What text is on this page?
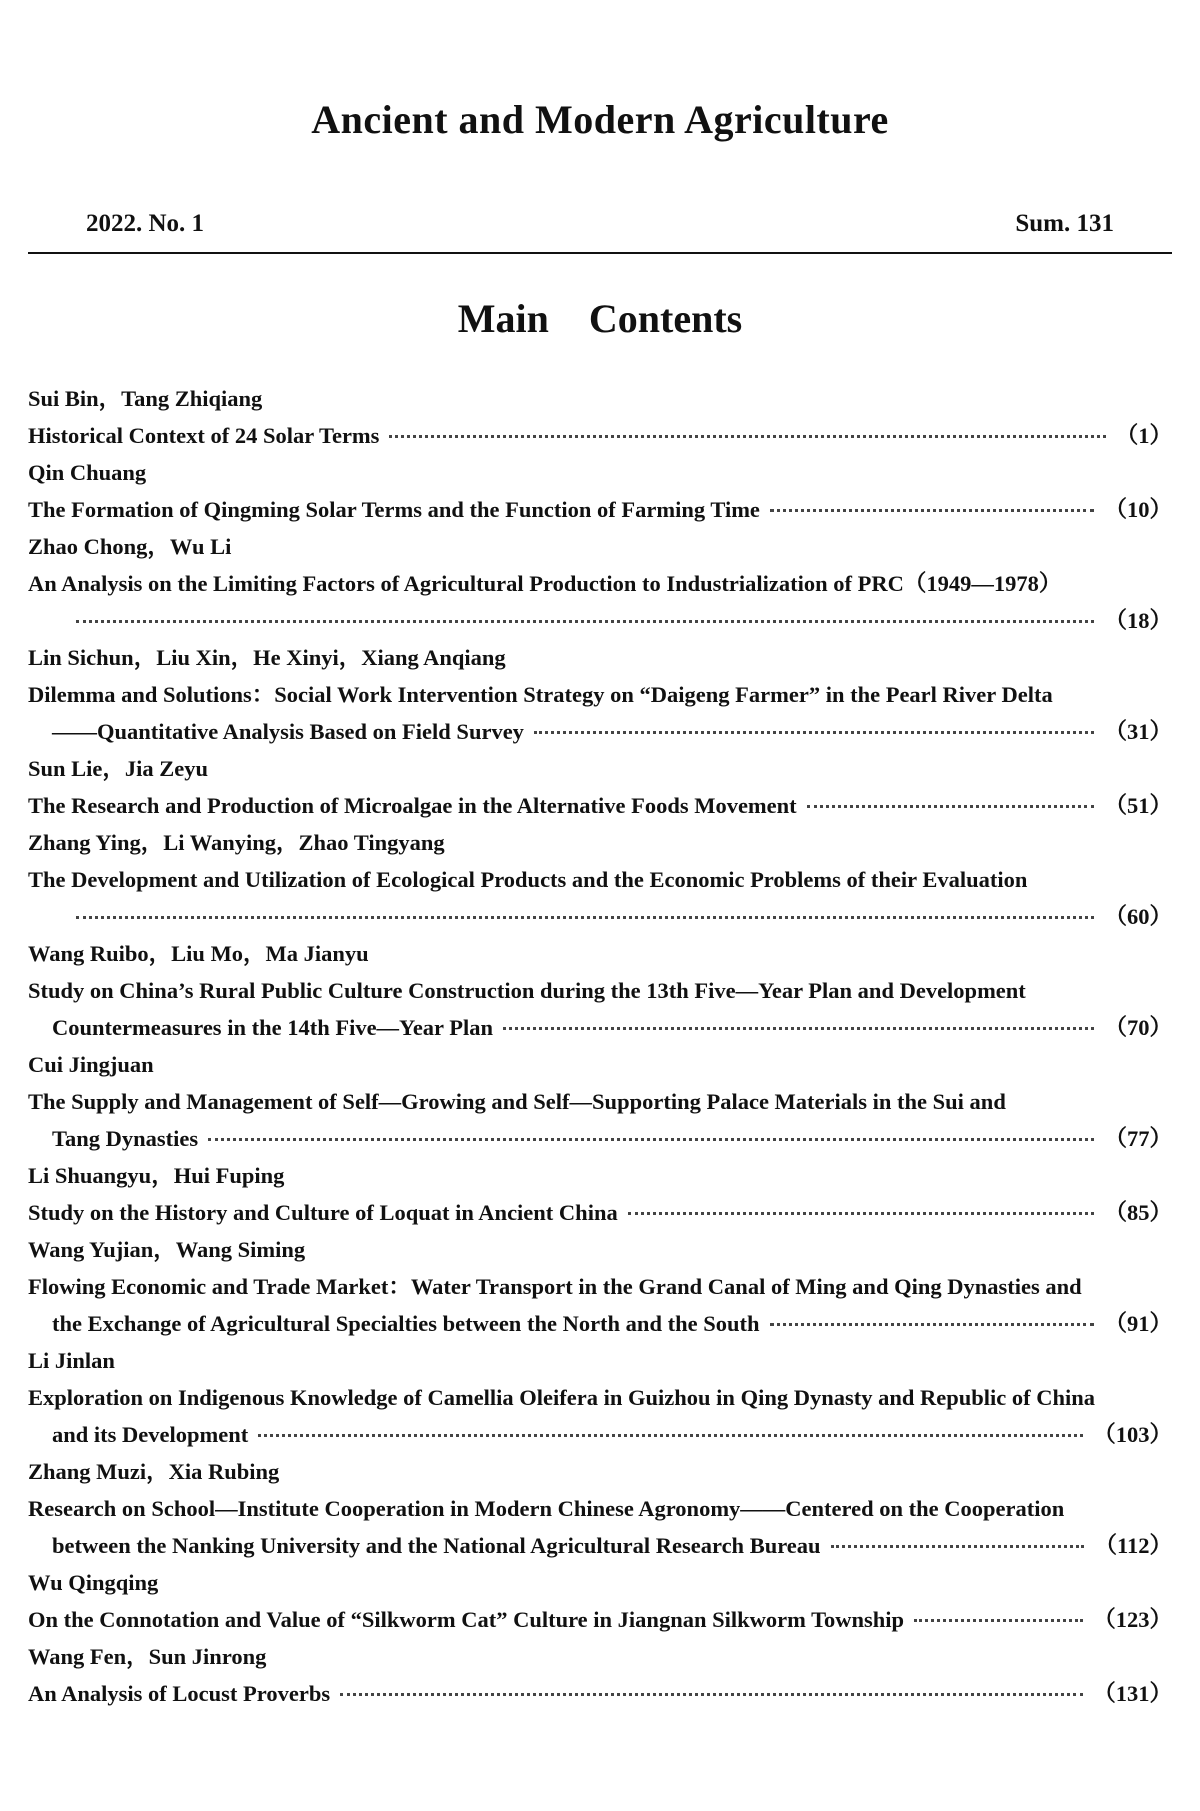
Ancient and Modern Agriculture
2022. No. 1	Sum. 131
Main Contents
Sui Bin，Tang Zhiqiang
Historical Context of 24 Solar Terms	（1）
Qin Chuang
The Formation of Qingming Solar Terms and the Function of Farming Time	（10）
Zhao Chong，Wu Li
An Analysis on the Limiting Factors of Agricultural Production to Industrialization of PRC（1949—1978）
（18）
Lin Sichun，Liu Xin，He Xinyi，Xiang Anqiang
Dilemma and Solutions：Social Work Intervention Strategy on “Daigeng Farmer” in the Pearl River Delta
——Quantitative Analysis Based on Field Survey	（31）
Sun Lie，Jia Zeyu
The Research and Production of Microalgae in the Alternative Foods Movement	（51）
Zhang Ying，Li Wanying，Zhao Tingyang
The Development and Utilization of Ecological Products and the Economic Problems of their Evaluation
（60）
Wang Ruibo，Liu Mo，Ma Jianyu
Study on China’s Rural Public Culture Construction during the 13th Five—Year Plan and Development
Countermeasures in the 14th Five—Year Plan	（70）
Cui Jingjuan
The Supply and Management of Self—Growing and Self—Supporting Palace Materials in the Sui and
Tang Dynasties	（77）
Li Shuangyu，Hui Fuping
Study on the History and Culture of Loquat in Ancient China	（85）
Wang Yujian，Wang Siming
Flowing Economic and Trade Market：Water Transport in the Grand Canal of Ming and Qing Dynasties and
the Exchange of Agricultural Specialties between the North and the South	（91）
Li Jinlan
Exploration on Indigenous Knowledge of Camellia Oleifera in Guizhou in Qing Dynasty and Republic of China
and its Development	（103）
Zhang Muzi，Xia Rubing
Research on School—Institute Cooperation in Modern Chinese Agronomy——Centered on the Cooperation
between the Nanking University and the National Agricultural Research Bureau	（112）
Wu Qingqing
On the Connotation and Value of “Silkworm Cat” Culture in Jiangnan Silkworm Township	（123）
Wang Fen，Sun Jinrong
An Analysis of Locust Proverbs	（131）
